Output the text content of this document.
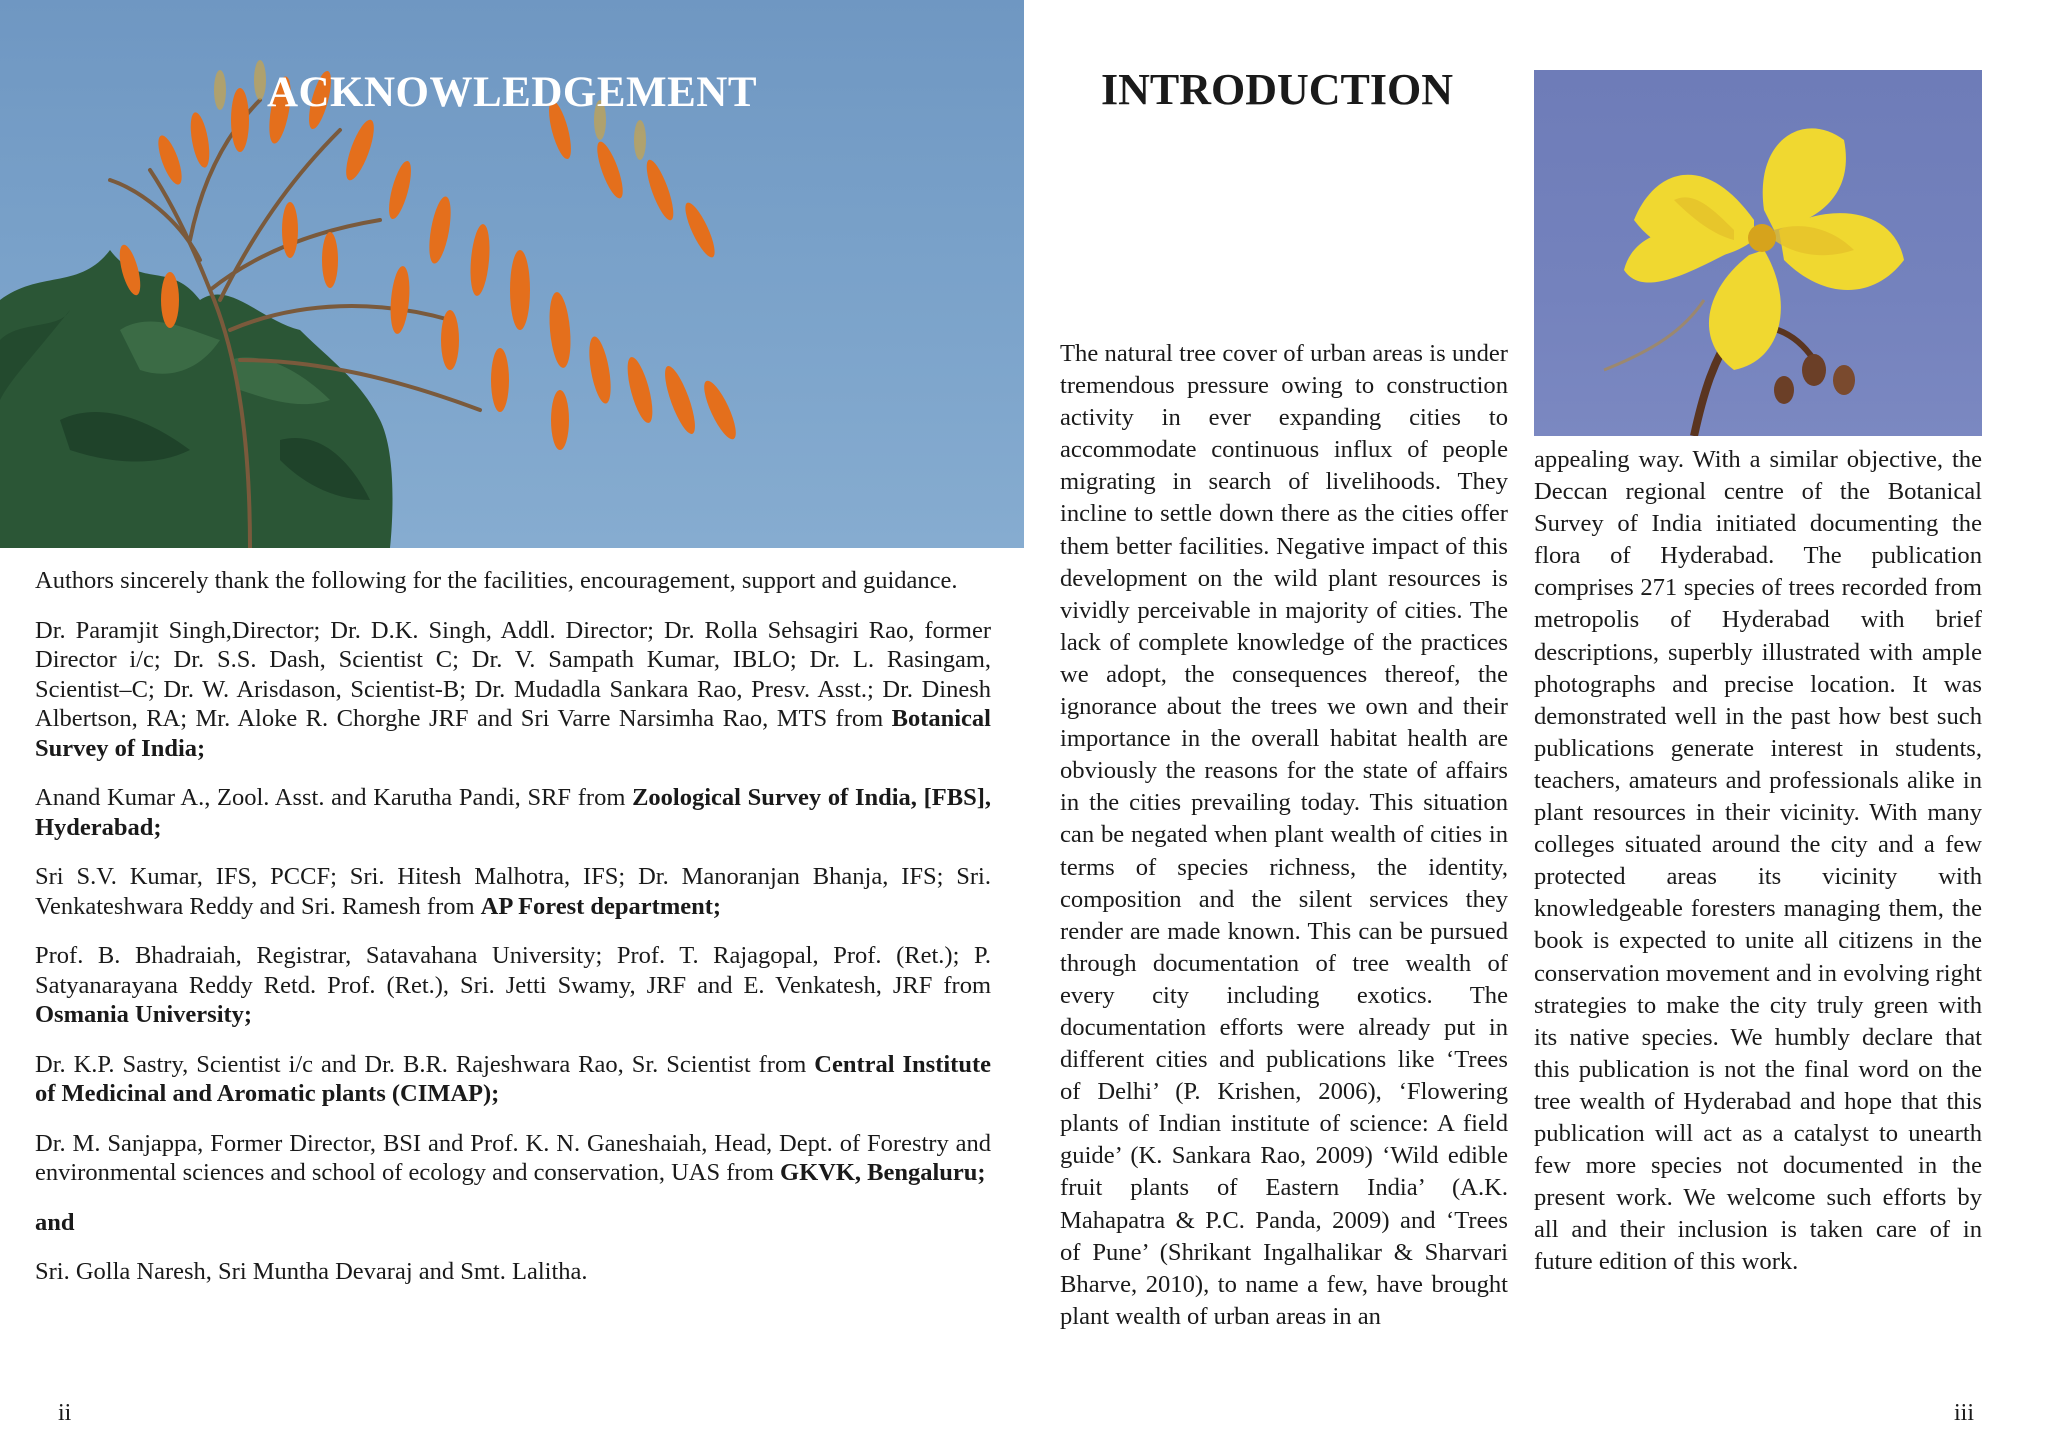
ACKNOWLEDGEMENT

Authors sincerely thank the following for the facilities, encouragement, support and guidance.

Dr. Paramjit Singh,Director; Dr. D.K. Singh, Addl. Director; Dr. Rolla Sehsagiri Rao, former Director i/c; Dr. S.S. Dash, Scientist C; Dr. V. Sampath Kumar, IBLO; Dr. L. Rasingam, Scientist–C; Dr. W. Arisdason, Scientist-B; Dr. Mudadla Sankara Rao, Presv. Asst.; Dr. Dinesh Albertson, RA; Mr. Aloke R. Chorghe JRF and Sri Varre Narsimha Rao, MTS from Botanical Survey of India;

Anand Kumar A., Zool. Asst. and Karutha Pandi, SRF from Zoological Survey of India, [FBS], Hyderabad;

Sri S.V. Kumar, IFS, PCCF; Sri. Hitesh Malhotra, IFS; Dr. Manoranjan Bhanja, IFS; Sri. Venkateshwara Reddy and Sri. Ramesh from AP Forest department;

Prof. B. Bhadraiah, Registrar, Satavahana University; Prof. T. Rajagopal, Prof. (Ret.); P. Satyanarayana Reddy Retd. Prof. (Ret.), Sri. Jetti Swamy, JRF and E. Venkatesh, JRF from Osmania University;

Dr. K.P. Sastry, Scientist i/c and Dr. B.R. Rajeshwara Rao, Sr. Scientist from Central Institute of Medicinal and Aromatic plants (CIMAP);

Dr. M. Sanjappa, Former Director, BSI and Prof. K. N. Ganeshaiah, Head, Dept. of Forestry and environmental sciences and school of ecology and conservation, UAS from GKVK, Bengaluru;

and

Sri. Golla Naresh, Sri Muntha Devaraj and Smt. Lalitha.

ii
INTRODUCTION
The natural tree cover of urban areas is under tremendous pressure owing to construction activity in ever expanding cities to accommodate continuous influx of people migrating in search of livelihoods. They incline to settle down there as the cities offer them better facilities. Negative impact of this development on the wild plant resources is vividly perceivable in majority of cities. The lack of complete knowledge of the practices we adopt, the consequences thereof, the ignorance about the trees we own and their importance in the overall habitat health are obviously the reasons for the state of affairs in the cities prevailing today. This situation can be negated when plant wealth of cities in terms of species richness, the identity, composition and the silent services they render are made known. This can be pursued through documentation of tree wealth of every city including exotics. The documentation efforts were already put in different cities and publications like ‘Trees of Delhi’ (P. Krishen, 2006), ‘Flowering plants of Indian institute of science: A field guide’ (K. Sankara Rao, 2009) ‘Wild edible fruit plants of Eastern India’ (A.K. Mahapatra & P.C. Panda, 2009) and ‘Trees of Pune’ (Shrikant Ingalhalikar & Sharvari Bharve, 2010), to name a few, have brought plant wealth of urban areas in an
appealing way. With a similar objective, the Deccan regional centre of the Botanical Survey of India initiated documenting the flora of Hyderabad. The publication comprises 271 species of trees recorded from metropolis of Hyderabad with brief descriptions, superbly illustrated with ample photographs and precise location. It was demonstrated well in the past how best such publications generate interest in students, teachers, amateurs and professionals alike in plant resources in their vicinity. With many colleges situated around the city and a few protected areas its vicinity with knowledgeable foresters managing them, the book is expected to unite all citizens in the conservation movement and in evolving right strategies to make the city truly green with its native species. We humbly declare that this publication is not the final word on the tree wealth of Hyderabad and hope that this publication will act as a catalyst to unearth few more species not documented in the present work. We welcome such efforts by all and their inclusion is taken care of in future edition of this work.
iii
